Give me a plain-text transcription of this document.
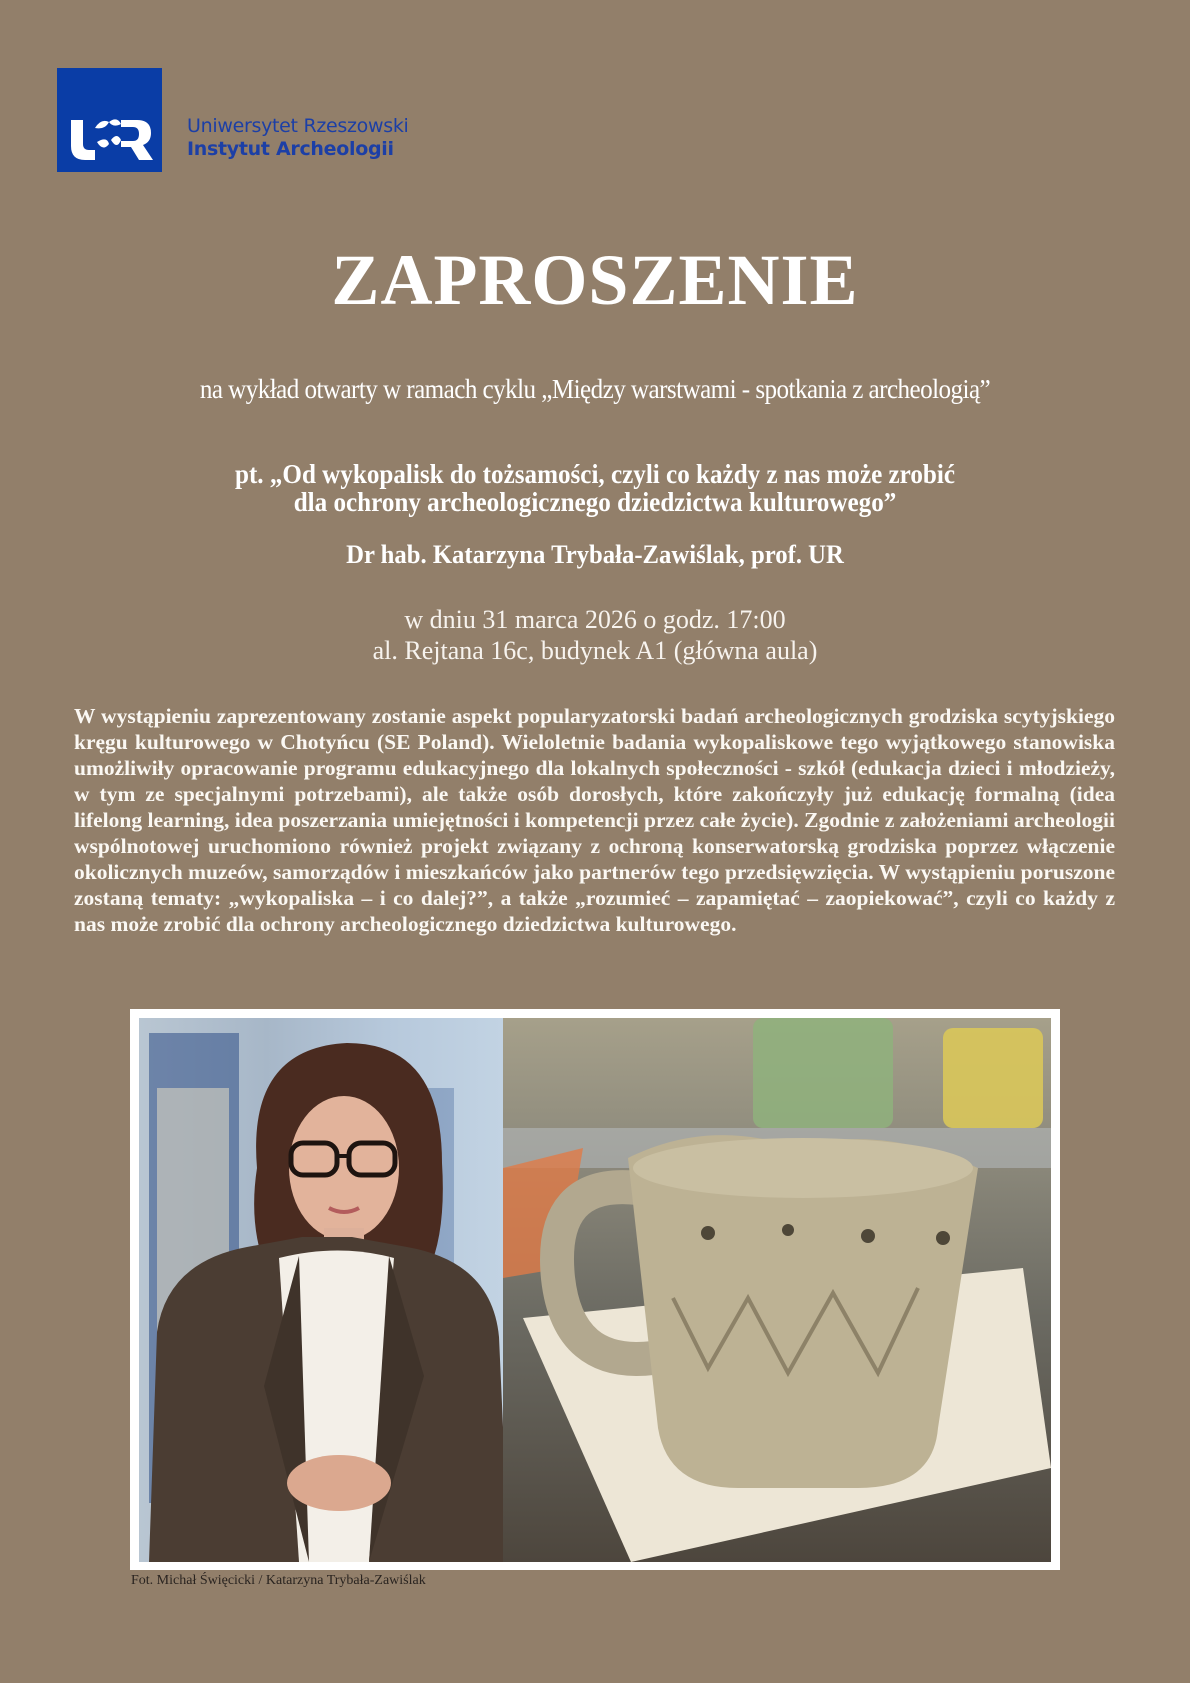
Uniwersytet Rzeszowski
Instytut Archeologii
ZAPROSZENIE
na wykład otwarty w ramach cyklu „Między warstwami - spotkania z archeologią”
pt. „Od wykopalisk do tożsamości, czyli co każdy z nas może zrobić
dla ochrony archeologicznego dziedzictwa kulturowego”
Dr hab. Katarzyna Trybała-Zawiślak, prof. UR
w dniu 31 marca 2026 o godz. 17:00
al. Rejtana 16c, budynek A1 (główna aula)
W wystąpieniu zaprezentowany zostanie aspekt popularyzatorski badań archeologicznych grodziska scytyjskiego kręgu kulturowego w Chotyńcu (SE Poland). Wieloletnie badania wykopaliskowe tego wyjątkowego stanowiska umożliwiły opracowanie programu edukacyjnego dla lokalnych społeczności - szkół (edukacja dzieci i młodzieży, w tym ze specjalnymi potrzebami), ale także osób dorosłych, które zakończyły już edukację formalną (idea lifelong learning, idea poszerzania umiejętności i kompetencji przez całe życie). Zgodnie z założeniami archeologii wspólnotowej uruchomiono również projekt związany z ochroną konserwatorską grodziska poprzez włączenie okolicznych muzeów, samorządów i mieszkańców jako partnerów tego przedsięwzięcia. W wystąpieniu poruszone zostaną tematy: „wykopaliska – i co dalej?”, a także „rozumieć – zapamiętać – zaopiekować”, czyli co każdy z nas może zrobić dla ochrony archeologicznego dziedzictwa kulturowego.
Fot. Michał Święcicki / Katarzyna Trybała-Zawiślak
